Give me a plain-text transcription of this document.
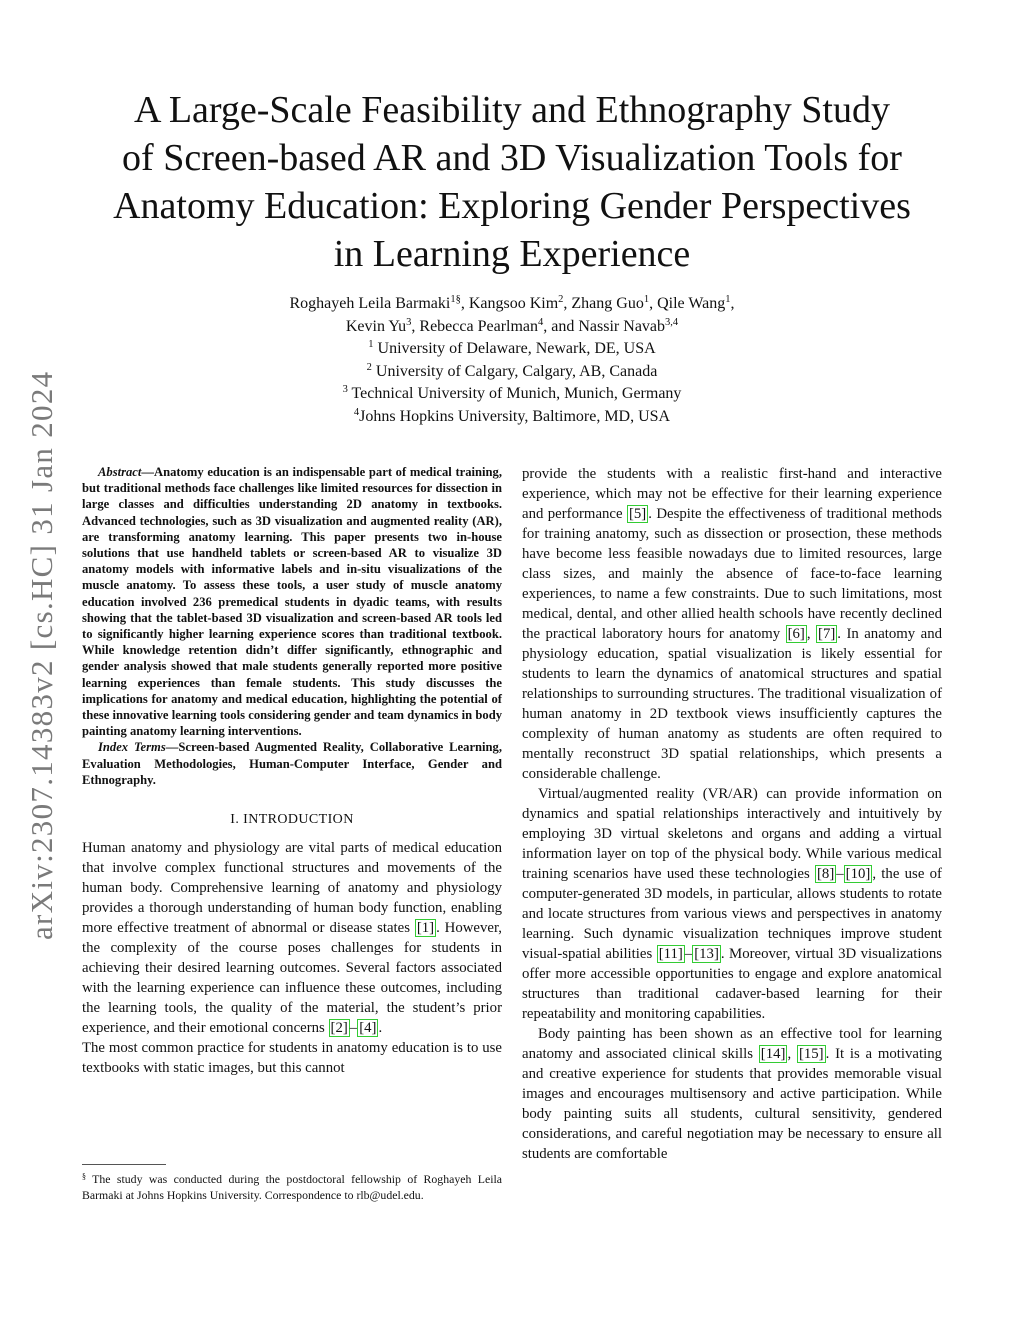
arXiv:2307.14383v2 [cs.HC] 31 Jan 2024
A Large-Scale Feasibility and Ethnography Study
of Screen-based AR and 3D Visualization Tools for
Anatomy Education: Exploring Gender Perspectives
in Learning Experience
Roghayeh Leila Barmaki$^{1\S}$, Kangsoo Kim$^2$, Zhang Guo$^1$, Qile Wang$^1$,
Kevin Yu$^3$, Rebecca Pearlman$^4$, and Nassir Navab$^{3,4}$
$^1$ University of Delaware, Newark, DE, USA
$^2$ University of Calgary, Calgary, AB, Canada
$^3$ Technical University of Munich, Munich, Germany
$^4$Johns Hopkins University, Baltimore, MD, USA

Abstract—Anatomy education is an indispensable part of medical training, but traditional methods face challenges like limited resources for dissection in large classes and difficulties understanding 2D anatomy in textbooks. Advanced technologies, such as 3D visualization and augmented reality (AR), are transforming anatomy learning. This paper presents two in-house solutions that use handheld tablets or screen-based AR to visualize 3D anatomy models with informative labels and in-situ visualizations of the muscle anatomy. To assess these tools, a user study of muscle anatomy education involved 236 premedical students in dyadic teams, with results showing that the tablet-based 3D visualization and screen-based AR tools led to significantly higher learning experience scores than traditional textbook. While knowledge retention didn’t differ significantly, ethnographic and gender analysis showed that male students generally reported more positive learning experiences than female students. This study discusses the implications for anatomy and medical education, highlighting the potential of these innovative learning tools considering gender and team dynamics in body painting anatomy learning interventions.

Index Terms—Screen-based Augmented Reality, Collaborative Learning, Evaluation Methodologies, Human-Computer Interface, Gender and Ethnography.

I. INTRODUCTION

Human anatomy and physiology are vital parts of medical education that involve complex functional structures and movements of the human body. Comprehensive learning of anatomy and physiology provides a thorough understanding of human body function, enabling more effective treatment of abnormal or disease states [1] . However, the complexity of the course poses challenges for students in achieving their desired learning outcomes. Several factors associated with the learning experience can influence these outcomes, including the learning tools, the quality of the material, the student’s prior experience, and their emotional concerns [2] – [4] .

The most common practice for students in anatomy education is to use textbooks with static images, but this cannot

provide the students with a realistic first-hand and interactive experience, which may not be effective for their learning experience and performance [5] . Despite the effectiveness of traditional methods for training anatomy, such as dissection or prosection, these methods have become less feasible nowadays due to limited resources, large class sizes, and mainly the absence of face-to-face learning experiences, to name a few constraints. Due to such limitations, most medical, dental, and other allied health schools have recently declined the practical laboratory hours for anatomy [6] , [7] . In anatomy and physiology education, spatial visualization is likely essential for students to learn the dynamics of anatomical structures and spatial relationships to surrounding structures. The traditional visualization of human anatomy in 2D textbook views insufficiently captures the complexity of human anatomy as students are often required to mentally reconstruct 3D spatial relationships, which presents a considerable challenge.

Virtual/augmented reality (VR/AR) can provide information on dynamics and spatial relationships interactively and intuitively by employing 3D virtual skeletons and organs and adding a virtual information layer on top of the physical body. While various medical training scenarios have used these technologies [8] – [10] , the use of computer-generated 3D models, in particular, allows students to rotate and locate structures from various views and perspectives in anatomy learning. Such dynamic visualization techniques improve student visual-spatial abilities [11] – [13] . Moreover, virtual 3D visualizations offer more accessible opportunities to engage and explore anatomical structures than traditional cadaver-based learning for their repeatability and monitoring capabilities.

Body painting has been shown as an effective tool for learning anatomy and associated clinical skills [14] , [15] . It is a motivating and creative experience for students that provides memorable visual images and encourages multisensory and active participation. While body painting suits all students, cultural sensitivity, gendered considerations, and careful negotiation may be necessary to ensure all students are comfortable

§ The study was conducted during the postdoctoral fellowship of Roghayeh Leila Barmaki at Johns Hopkins University. Correspondence to rlb@udel.edu.
